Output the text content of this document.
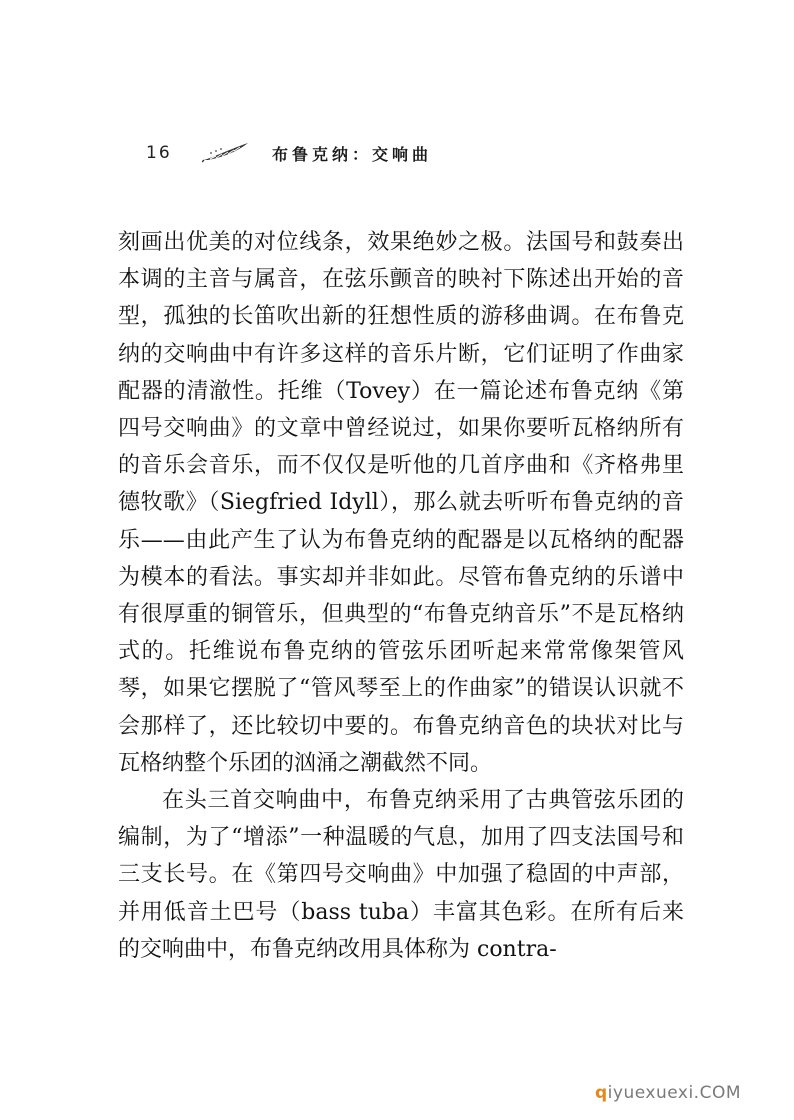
16	布鲁克纳：交响曲

刻画出优美的对位线条，效果绝妙之极。法国号和鼓奏出本调的主音与属音，在弦乐颤音的映衬下陈述出开始的音型，孤独的长笛吹出新的狂想性质的游移曲调。在布鲁克纳的交响曲中有许多这样的音乐片断，它们证明了作曲家配器的清澈性。托维（Tovey）在一篇论述布鲁克纳《第四号交响曲》的文章中曾经说过，如果你要听瓦格纳所有的音乐会音乐，而不仅仅是听他的几首序曲和《齐格弗里德牧歌》（Siegfried Idyll），那么就去听听布鲁克纳的音乐——由此产生了认为布鲁克纳的配器是以瓦格纳的配器为模本的看法。事实却并非如此。尽管布鲁克纳的乐谱中有很厚重的铜管乐，但典型的“布鲁克纳音乐”不是瓦格纳式的。托维说布鲁克纳的管弦乐团听起来常常像架管风琴，如果它摆脱了“管风琴至上的作曲家”的错误认识就不会那样了，还比较切中要的。布鲁克纳音色的块状对比与瓦格纳整个乐团的汹涌之潮截然不同。

在头三首交响曲中，布鲁克纳采用了古典管弦乐团的编制，为了“增添”一种温暖的气息，加用了四支法国号和三支长号。在《第四号交响曲》中加强了稳固的中声部，并用低音土巴号（bass tuba）丰富其色彩。在所有后来的交响曲中，布鲁克纳改用具体称为 contra-

qiyuexuexi.COM
